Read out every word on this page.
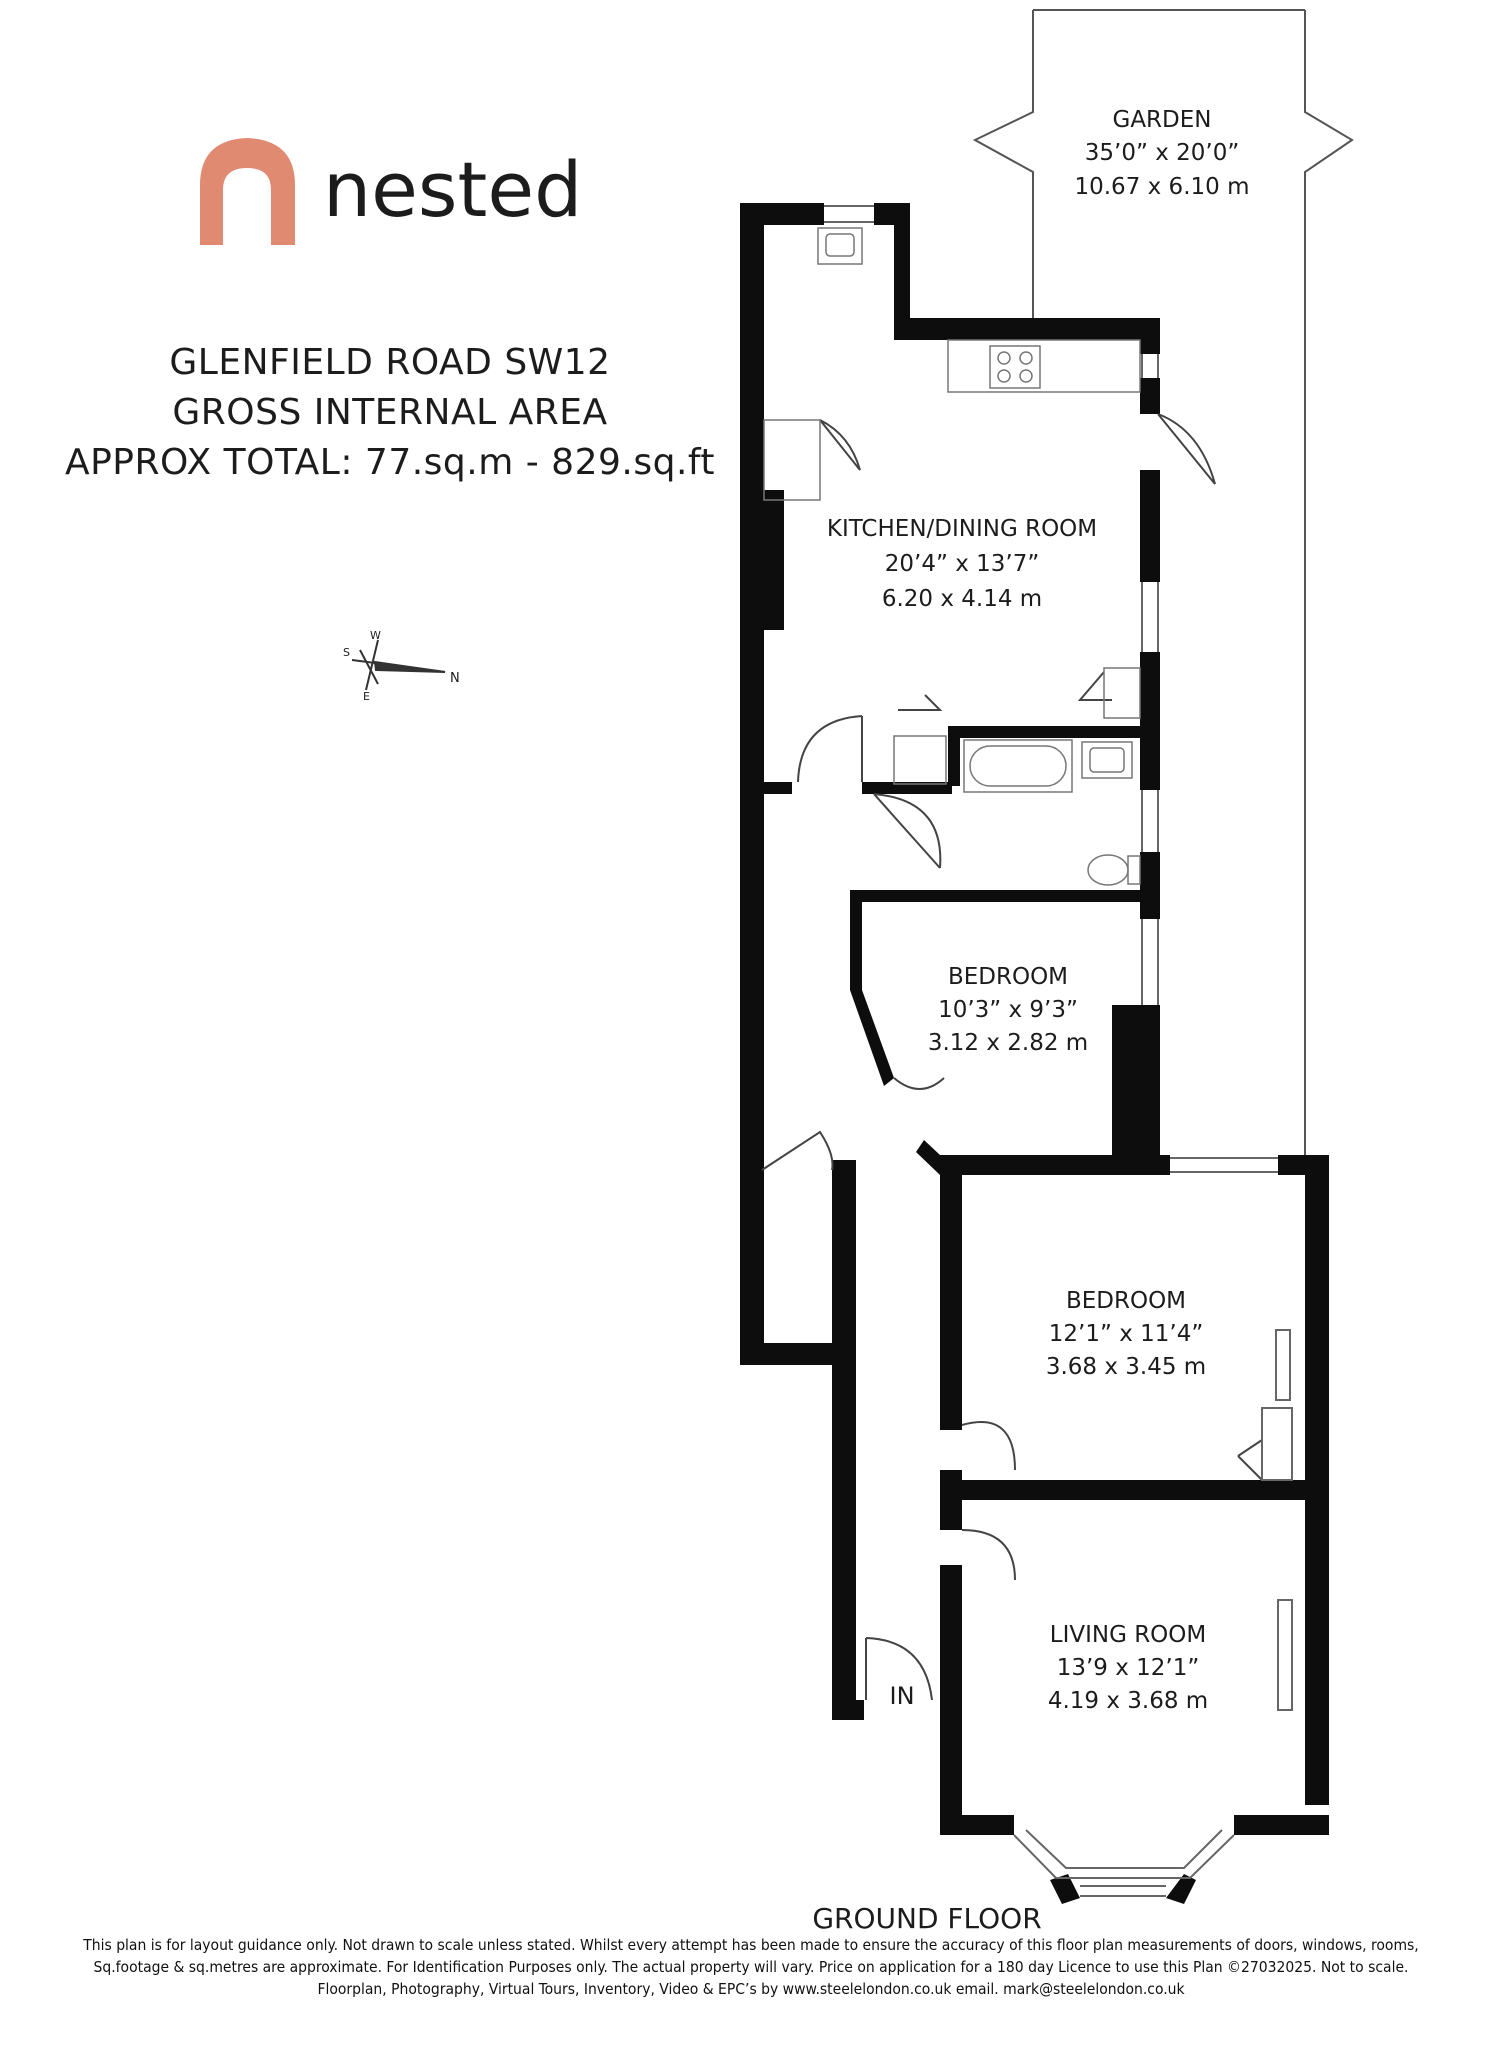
nested
GLENFIELD ROAD SW12
GROSS INTERNAL AREA
APPROX TOTAL: 77.sq.m - 829.sq.ft
N
S
W
E
GARDEN
35’0” x 20’0”
10.67 x 6.10 m
KITCHEN/DINING ROOM
20’4” x 13’7”
6.20 x 4.14 m
BEDROOM
10’3” x 9’3”
3.12 x 2.82 m
BEDROOM
12’1” x 11’4”
3.68 x 3.45 m
LIVING ROOM
13’9 x 12’1”
4.19 x 3.68 m
IN
GROUND FLOOR
This plan is for layout guidance only. Not drawn to scale unless stated. Whilst every attempt has been made to ensure the accuracy of this floor plan measurements of doors, windows, rooms,
Sq.footage & sq.metres are approximate. For Identification Purposes only. The actual property will vary. Price on application for a 180 day Licence to use this Plan ©27032025. Not to scale.
Floorplan, Photography, Virtual Tours, Inventory, Video & EPC’s by www.steelelondon.co.uk email. mark@steelelondon.co.uk
